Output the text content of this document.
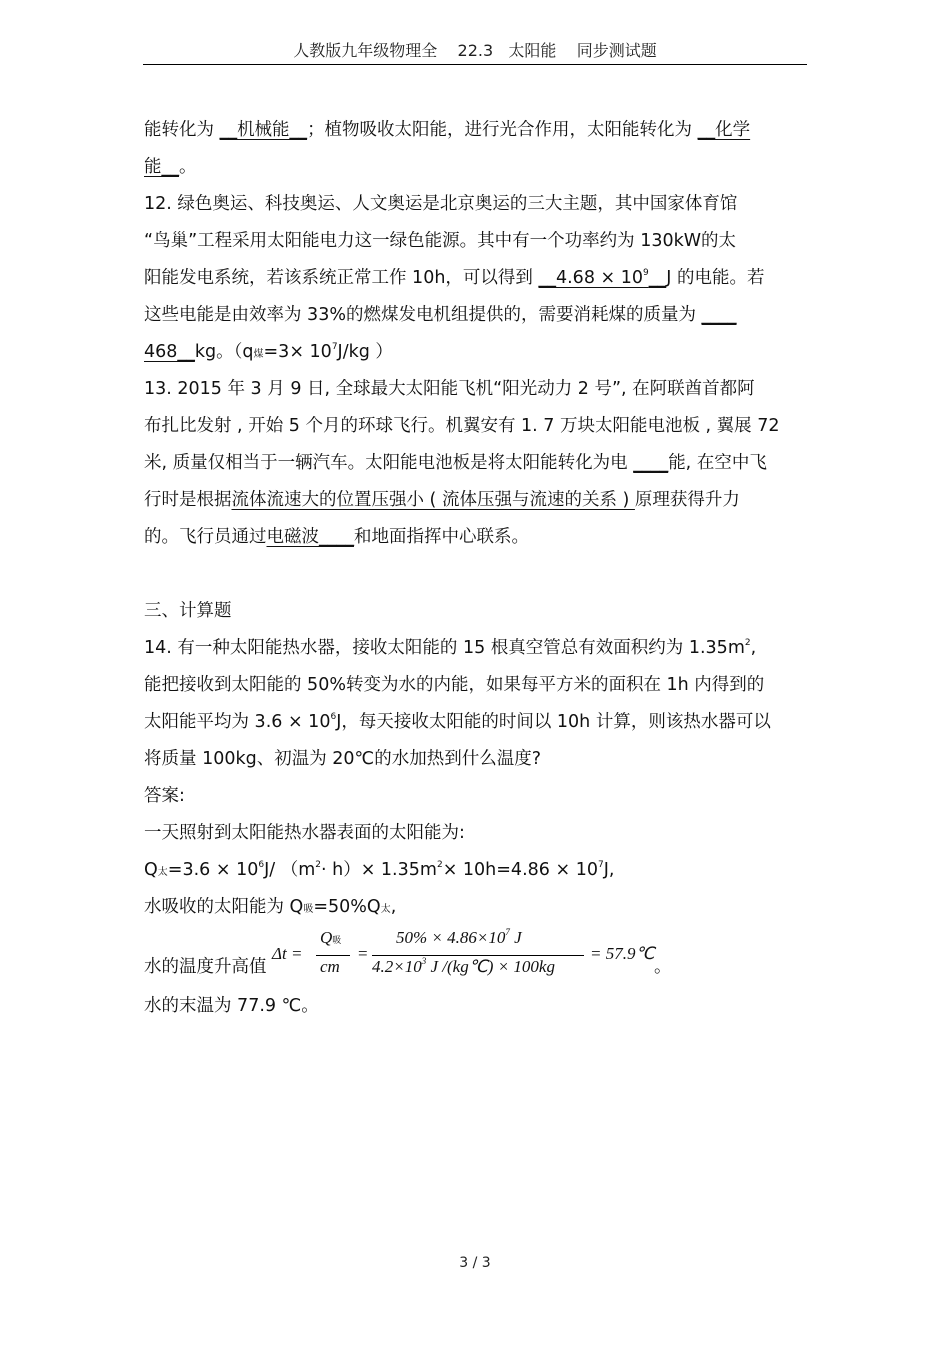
人教版九年级物理全    22.3   太阳能    同步测试题
能转化为 __机械能__；植物吸收太阳能，进行光合作用，太阳能转化为 __化学
能__。
12. 绿色奥运、科技奥运、人文奥运是北京奥运的三大主题，其中国家体育馆
“鸟巢”工程采用太阳能电力这一绿色能源。其中有一个功率约为 130kW的太
阳能发电系统，若该系统正常工作 10h，可以得到 __4.68 × $10^9\_\_J$ 的电能。若
这些电能是由效率为 33%的燃煤发电机组提供的，需要消耗煤的质量为 ____
468__kg。（q煤$=3\times 10^7J/kg$ ）
13. 2015 年 3 月 9 日, 全球最大太阳能飞机“阳光动力 2 号”, 在阿联酋首都阿
布扎比发射 , 开始 5 个月的环球飞行。机翼安有 1. 7 万块太阳能电池板 , 翼展 72
米, 质量仅相当于一辆汽车。太阳能电池板是将太阳能转化为电 ____能, 在空中飞
行时是根据流体流速大的位置压强小 ( 流体压强与流速的关系 ) 原理获得升力
的。飞行员通过电磁波____和地面指挥中心联系。
三、计算题
14. 有一种太阳能热水器，接收太阳能的 15 根真空管总有效面积约为 $1.35m^2$,
能把接收到太阳能的 50%转变为水的内能，如果每平方米的面积在 1h 内得到的
太阳能平均为 $3.6 \times 10^6J$，每天接收太阳能的时间以 10h 计算，则该热水器可以
将质量 100kg、初温为 20℃的水加热到什么温度?
答案:
一天照射到太阳能热水器表面的太阳能为:
Q太$=3.6 \times 10^6J/$ $(m^2\cdot h)\times 1.35m^2\times 10h=4.86 \times 10^7J$,
水吸收的太阳能为 Q吸=50%Q太,
水的温度升高值
Δt =
Q吸
cm
=
$50\% \times 4.86\times 10^7$ J
$4.2\times 10^3$ J /(kg℃) × 100kg
= 57.9℃
。
水的末温为 77.9 ℃。
3 / 3
